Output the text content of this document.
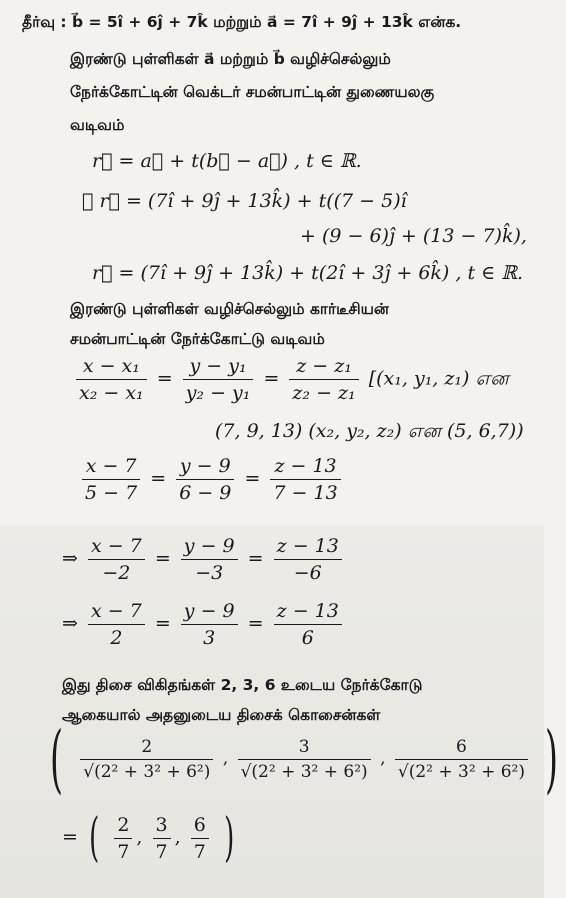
தீர்வு : b⃗ = 5î + 6ĵ + 7k̂ மற்றும் a⃗ = 7î + 9ĵ + 13k̂ என்க.
இரண்டு புள்ளிகள் a⃗ மற்றும் b⃗ வழிச்செல்லும்
நேர்க்கோட்டின் வெக்டர் சமன்பாட்டின் துணையலகு
வடிவம்
r⃗ = a⃗ + t(b⃗ − a⃗) , t ∈ ℝ.
∴ r⃗ = (7î + 9ĵ + 13k̂) + t((7 − 5)î
+ (9 − 6)ĵ + (13 − 7)k̂),
r⃗ = (7î + 9ĵ + 13k̂) + t(2î + 3ĵ + 6k̂) , t ∈ ℝ.
இரண்டு புள்ளிகள் வழிச்செல்லும் கார்டீசியன்
சமன்பாட்டின் நேர்க்கோட்டு வடிவம்
$\frac{\text{x − x₁}}{\text{x₂ − x₁}} = \frac{\text{y − y₁}}{\text{y₂ − y₁}} = \frac{\text{z − z₁}}{\text{z₂ − z₁}} [(x_1$, y₁, z₁) என
(7, 9, 13) (x₂, y₂, z₂) என (5, 6,7))
$\frac{x - 7}{5 - 7} = \frac{y - 9}{6 - 9} = \frac{z - 13}{7 - 13}$
⇒ $\frac{x - 7}{-2} = \frac{y - 9}{-3} = \frac{z - 13}{-6}$
⇒ $\frac{x - 7}{2} = \frac{y - 9}{3} = \frac{z - 13}{6}$
இது திசை விகிதங்கள் 2, 3, 6 உடைய நேர்க்கோடு
ஆகையால் அதனுடைய திசைக் கொசைன்கள்
( $\frac{2}{\text{√(2² + 3² + 6²)}}$ , $\frac{3}{\text{√(2² + 3² + 6²)}}$ , $\frac{6}{\text{√(2² + 3² + 6²)}}$ )
= ( $\frac{2}{7}$ , $\frac{3}{7}$ , $\frac{6}{7}$ )
